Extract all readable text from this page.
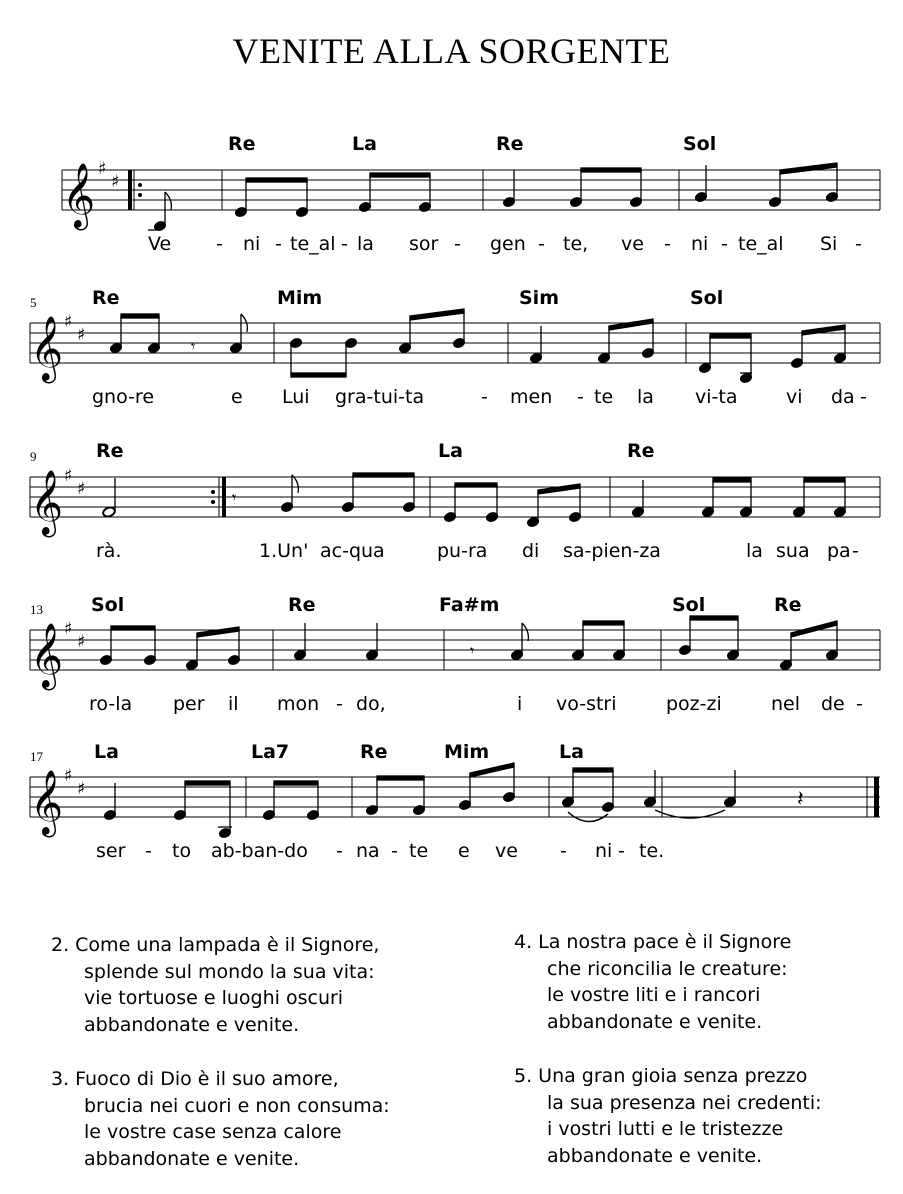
VENITE ALLA SORGENTE
Re	La	Re	Sol
𝄞 ♯
♯
Ve - ni - te_al - la sor - gen - te, ve - ni - te_al Si -
5	Re	Mim	Sim	Sol
𝄞 ♯
♯
𝄾
gno-re	e Lui gra-tui-ta	- men - te la vi-ta	vi da -
9	Re	La	Re
𝄞 ♯
♯	𝄾
rà.	1.Un' ac-qua	pu-ra di sa-pien-za	la sua pa -
13	Sol	Re	Fa#m	Sol	Re
𝄞 ♯
♯	𝄾
ro-la per il mon - do,	i vo-stri	poz-zi	nel de -
17	La	La7	Re	Mim	La
𝄞 ♯
♯	𝄽
ser - to ab-ban-do - na - te e ve - ni - te.
2. Come una lampada è il Signore,
splende sul mondo la sua vita:
vie tortuose e luoghi oscuri
abbandonate e venite.
3. Fuoco di Dio è il suo amore,
brucia nei cuori e non consuma:
le vostre case senza calore
abbandonate e venite.
4. La nostra pace è il Signore
che riconcilia le creature:
le vostre liti e i rancori
abbandonate e venite.
5. Una gran gioia senza prezzo
la sua presenza nei credenti:
i vostri lutti e le tristezze
abbandonate e venite.
